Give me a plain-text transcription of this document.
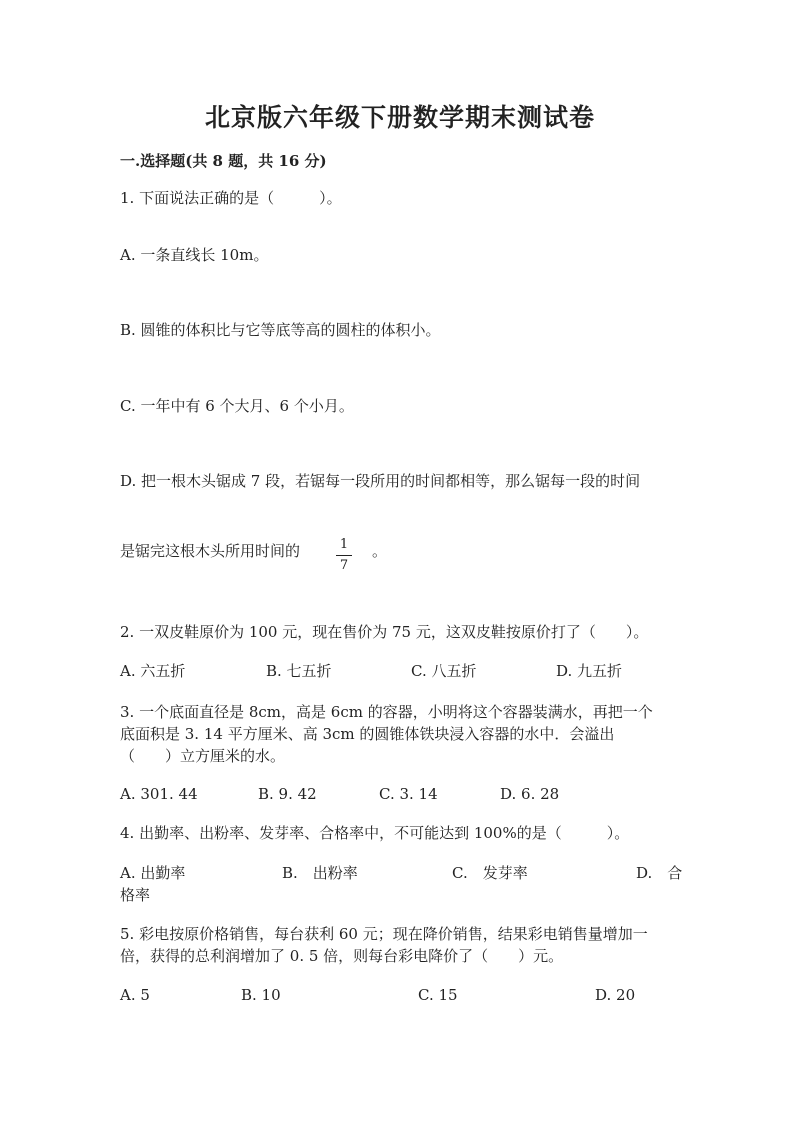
北京版六年级下册数学期末测试卷
一.选择题(共 8 题，共 16 分)
1. 下面说法正确的是（　　　）。
A. 一条直线长 10m。
B. 圆锥的体积比与它等底等高的圆柱的体积小。
C. 一年中有 6 个大月、6 个小月。
D. 把一根木头锯成 7 段，若锯每一段所用的时间都相等，那么锯每一段的时间
是锯完这根木头所用时间的	1
7
。
2. 一双皮鞋原价为 100 元，现在售价为 75 元，这双皮鞋按原价打了（　　）。
A. 六五折	B. 七五折	C. 八五折	D. 九五折
3. 一个底面直径是 8cm，高是 6cm 的容器，小明将这个容器装满水，再把一个
底面积是 3. 14 平方厘米、高 3cm 的圆锥体铁块浸入容器的水中．会溢出
（　　）立方厘米的水。
A. 301. 44	B. 9. 42	C. 3. 14	D. 6. 28
4. 出勤率、出粉率、发芽率、合格率中，不可能达到 100%的是（　　　）。
A. 出勤率	B.　出粉率	C.　发芽率	D.　合
格率
5. 彩电按原价格销售，每台获利 60 元；现在降价销售，结果彩电销售量增加一
倍，获得的总利润增加了 0. 5 倍，则每台彩电降价了（　　）元。
A. 5	B. 10	C. 15	D. 20
